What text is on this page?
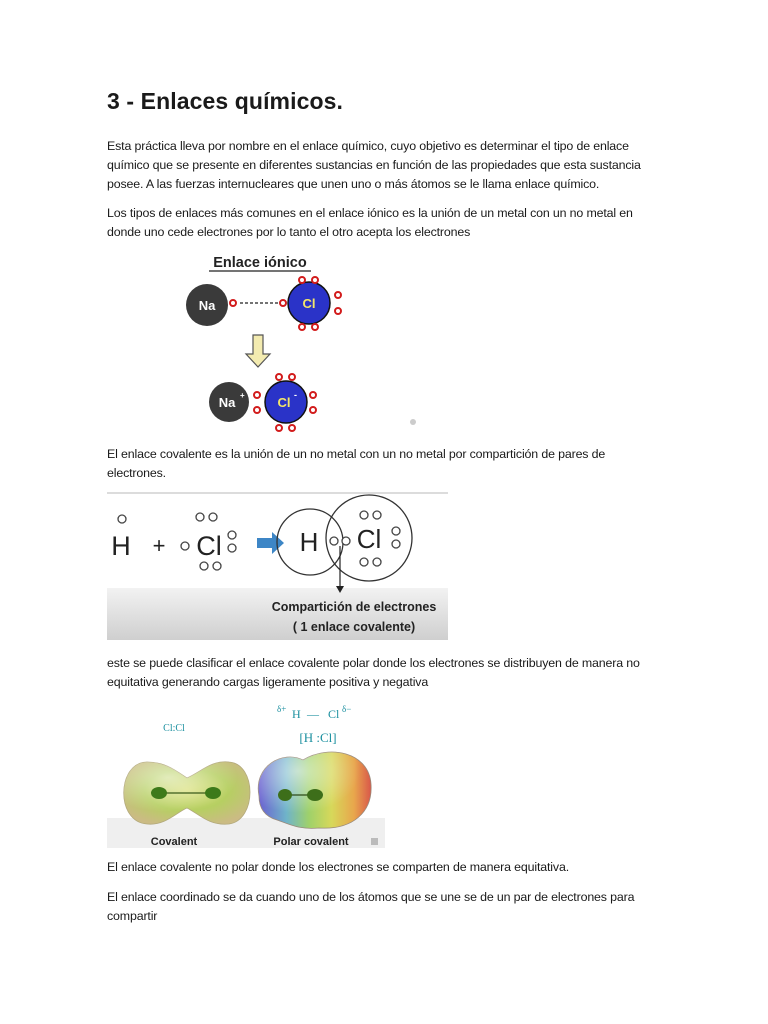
3 - Enlaces químicos.

Esta práctica lleva por nombre en el enlace químico, cuyo objetivo es determinar el tipo de enlace químico que se presente en diferentes sustancias en función de las propiedades que esta sustancia posee. A las fuerzas internucleares que unen uno o más átomos se le llama enlace químico.

Los tipos de enlaces más comunes en el enlace iónico es la unión de un metal con un no metal en donde uno cede electrones por lo tanto el otro acepta los electrones

Enlace iónico
Na	Cl
Na +	Cl -

El enlace covalente es la unión de un no metal con un no metal por compartición de pares de electrones.

H + Cl	H Cl
Compartición de electrones
( 1 enlace covalente)

este se puede clasificar el enlace covalente polar donde los electrones se distribuyen de manera no equitativa generando cargas ligeramente positiva y negativa

Cl:Cl
δ+ H — Cl δ−
[H :Cl]
Covalent	Polar covalent

El enlace covalente no polar donde los electrones se comparten de manera equitativa.

El enlace coordinado se da cuando uno de los átomos que se une se de un par de electrones para compartir
